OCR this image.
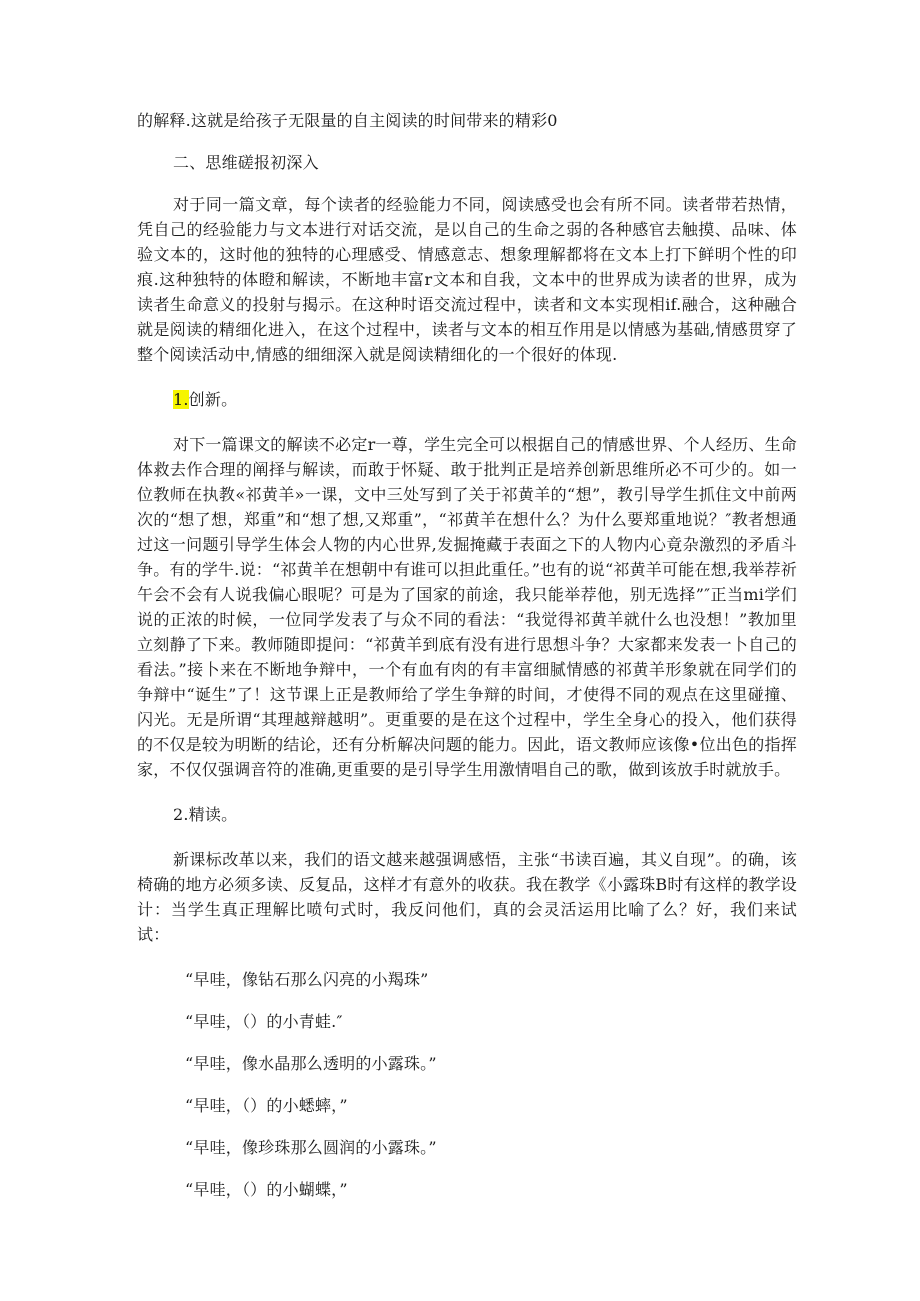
的解释.这就是给孩子无限量的自主阅读的时间带来的精彩0

二、思维磋报初深入

对于同一篇文章，每个读者的经验能力不同，阅读感受也会有所不同。读者带若热情，凭自己的经验能力与文本进行对话交流，是以自己的生命之弱的各种感官去触摸、品味、体验文本的，这时他的独特的心理感受、情感意志、想象理解都将在文本上打下鲜明个性的印痕.这种独特的体瞪和解读，不断地丰富r文本和自我，文本中的世界成为读者的世界，成为读者生命意义的投射与揭示。在这种时语交流过程中，读者和文本实现相if.融合，这种融合就是阅读的精细化进入，在这个过程中，读者与文本的相互作用是以情感为基础,情感贯穿了整个阅读活动中,情感的细细深入就是阅读精细化的一个很好的体现.

1.创新。

对下一篇课文的解读不必定r一尊，学生完全可以根据自己的情感世界、个人经历、生命体救去作合理的阐择与解读，而敢于怀疑、敢于批判正是培养创新思维所必不可少的。如一位教师在执教«祁黄羊»一课，文中三处写到了关于祁黄羊的“想”，教引导学生抓住文中前两次的“想了想，郑重”和“想了想,又郑重”，“祁黄羊在想什么？为什么要郑重地说？″教者想通过这一问题引导学生体会人物的内心世界,发掘掩藏于表面之下的人物内心竟杂激烈的矛盾斗争。有的学牛.说：“祁黄羊在想朝中有谁可以担此重任。”也有的说“祁黄羊可能在想,我举荐祈午会不会有人说我偏心眼呢？可是为了国家的前途，我只能举荐他，别无选择”″正当mi学们说的正浓的时候，一位同学发表了与众不同的看法：“我觉得祁黄羊就什么也没想！”教加里立刻静了下来。教师随即提问：“祁黄羊到底有没有进行思想斗争？大家都来发表一卜自己的看法。”接卜来在不断地争辩中，一个有血有肉的有丰富细腻情感的祁黄羊形象就在同学们的争辩中“诞生”了！这节课上正是教师给了学生争辩的时间，才使得不同的观点在这里碰撞、闪光。无是所谓“其理越辩越明”。更重要的是在这个过程中，学生全身心的投入，他们获得的不仅是较为明断的结论，还有分析解决问题的能力。因此，语文教师应该像•位出色的指挥家，不仅仅强调音符的准确,更重要的是引导学生用激情唱自己的歌，做到该放手时就放手。

2.精读。

新课标改革以来，我们的语文越来越强调感悟，主张“书读百遍，其义自现”。的确，该椅确的地方必须多读、反复品，这样才有意外的收获。我在教学《小露珠B时有这样的教学设计：当学生真正理解比喷句式时，我反问他们，真的会灵活运用比喻了么？好，我们来试试：

“早哇，像钻石那么闪亮的小羯珠”

“早哇，（）的小青蛙.″

“早哇，像水晶那么透明的小露珠。”

“早哇，（）的小蟋蟀，”

“早哇，像珍珠那么圆润的小露珠。”

“早哇，（）的小蝴蝶，”
